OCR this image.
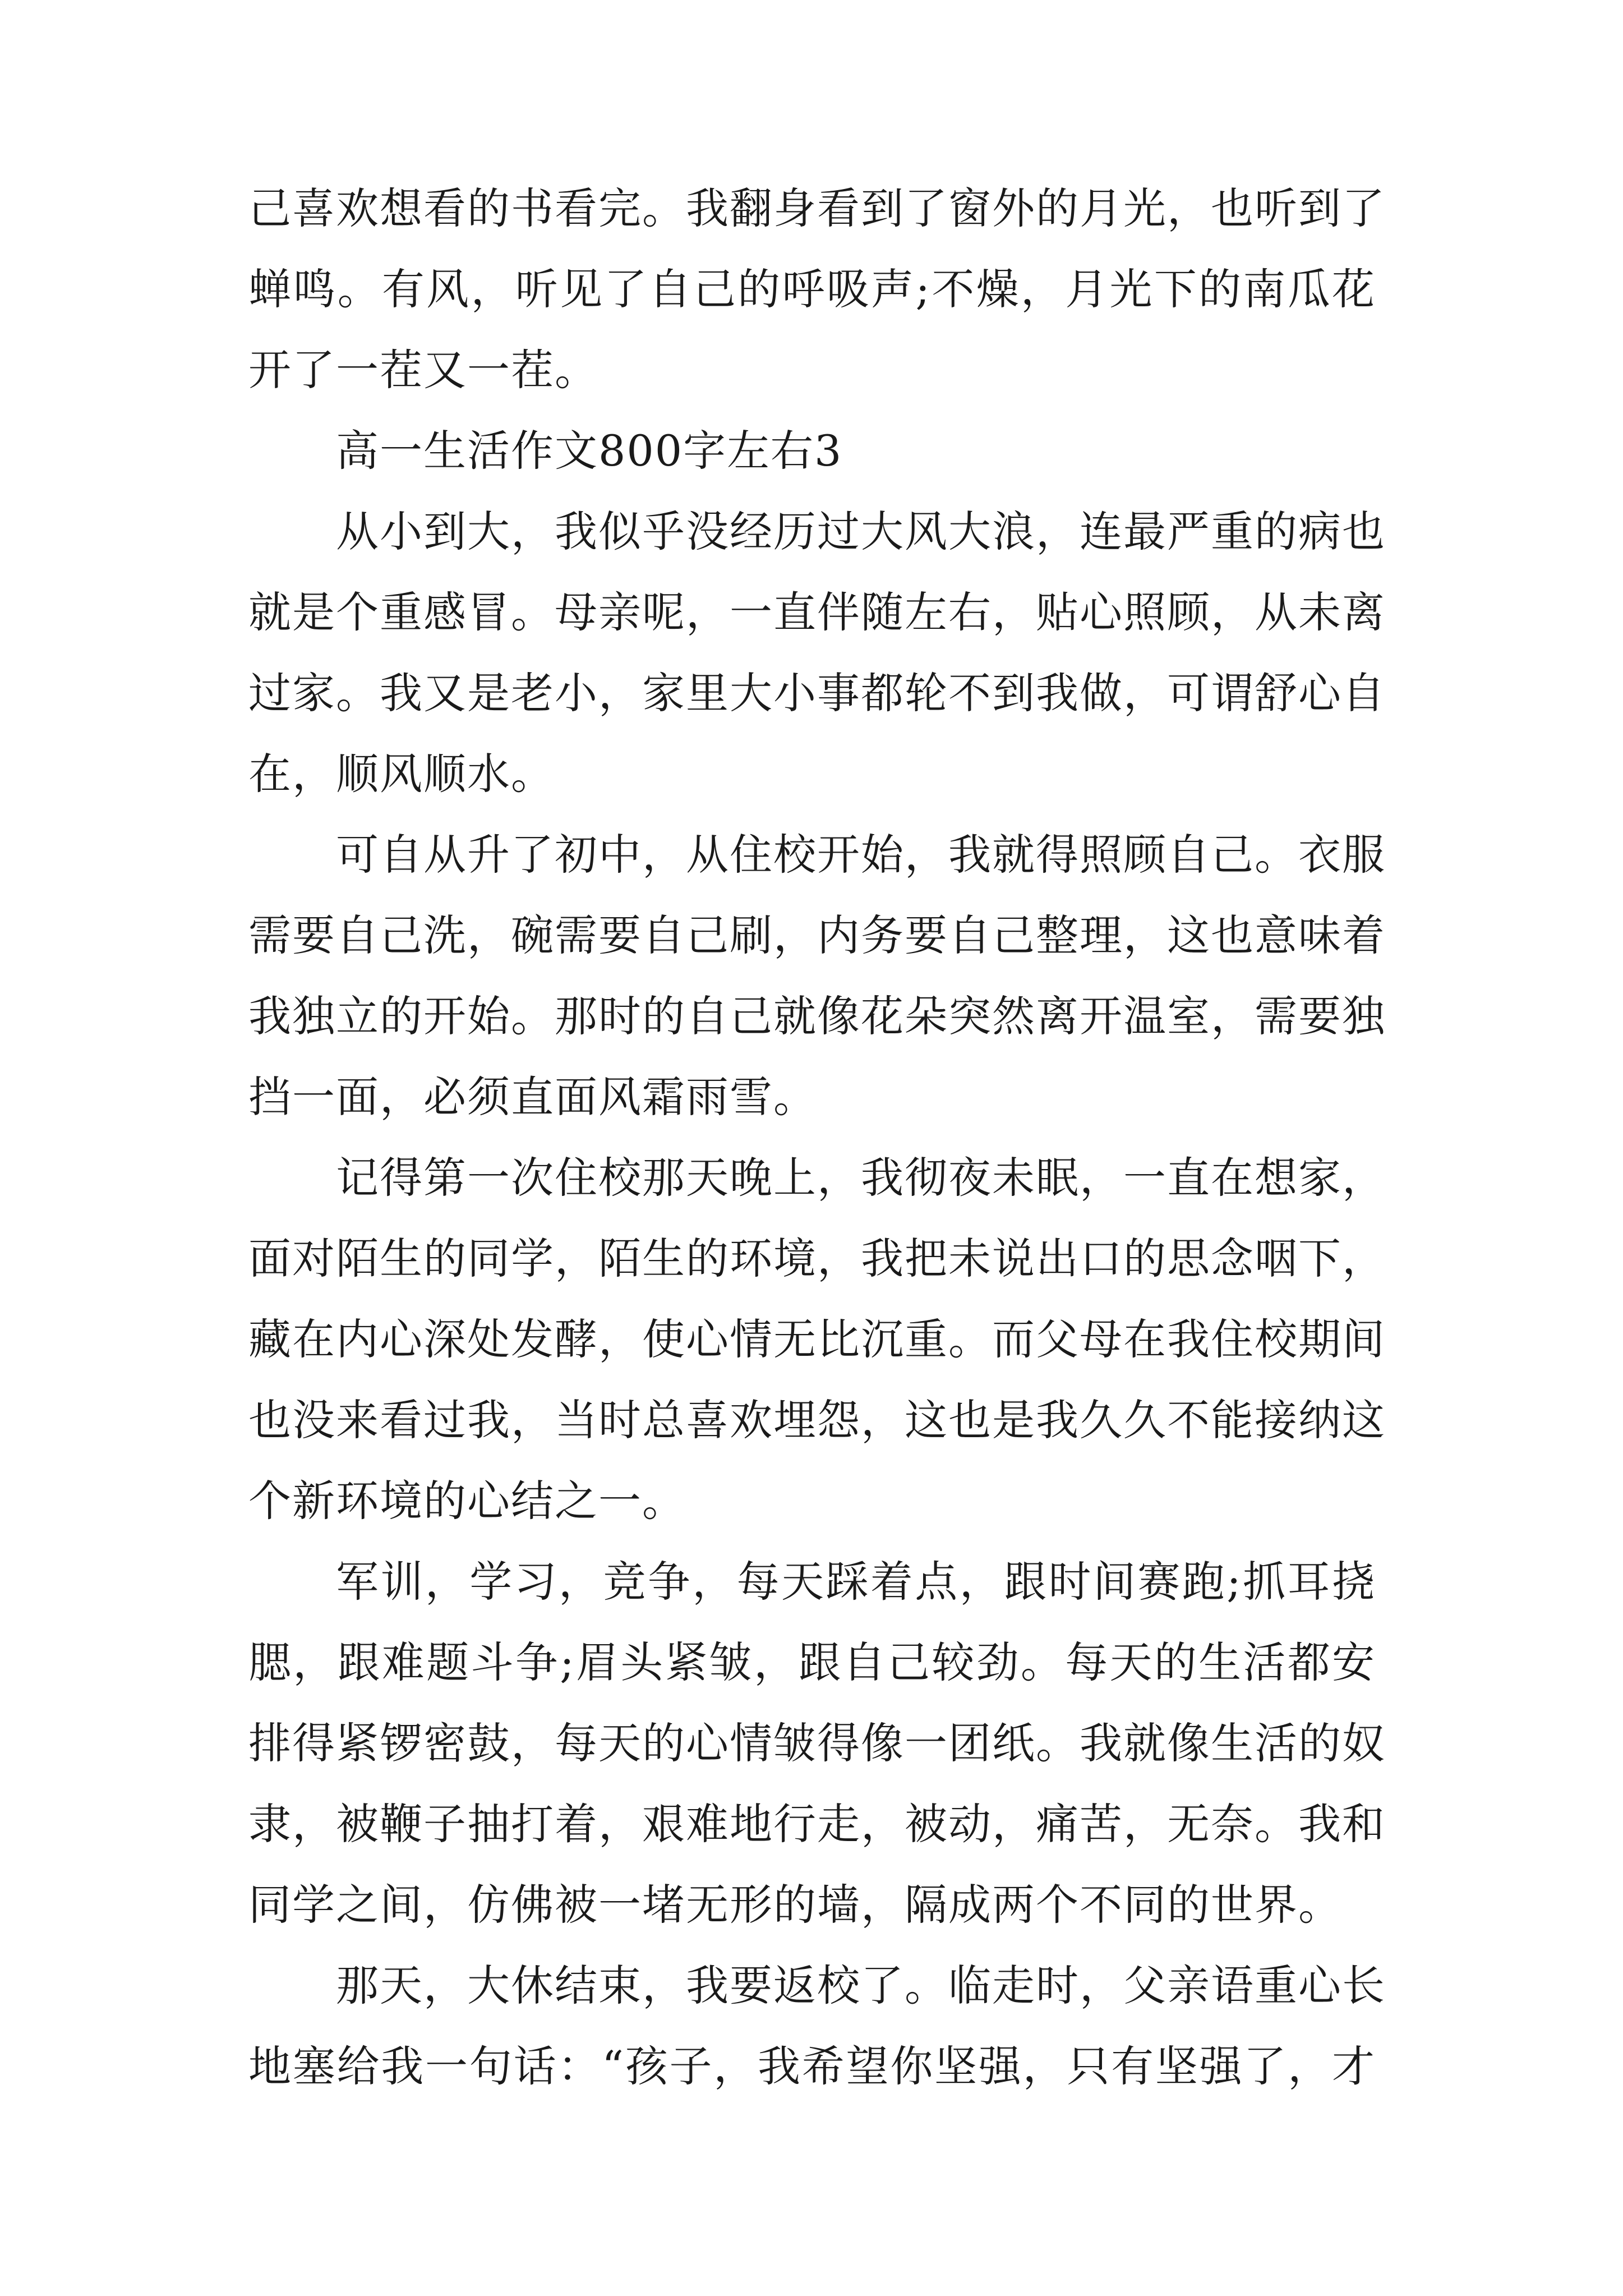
己喜欢想看的书看完。我翻身看到了窗外的月光，也听到了
蝉鸣。有风，听见了自己的呼吸声;不燥，月光下的南瓜花
开了一茬又一茬。
高一生活作文800字左右3
从小到大，我似乎没经历过大风大浪，连最严重的病也
就是个重感冒。母亲呢，一直伴随左右，贴心照顾，从未离
过家。我又是老小，家里大小事都轮不到我做，可谓舒心自
在，顺风顺水。
可自从升了初中，从住校开始，我就得照顾自己。衣服
需要自己洗，碗需要自己刷，内务要自己整理，这也意味着
我独立的开始。那时的自己就像花朵突然离开温室，需要独
挡一面，必须直面风霜雨雪。
记得第一次住校那天晚上，我彻夜未眠，一直在想家，
面对陌生的同学，陌生的环境，我把未说出口的思念咽下，
藏在内心深处发酵，使心情无比沉重。而父母在我住校期间
也没来看过我，当时总喜欢埋怨，这也是我久久不能接纳这
个新环境的心结之一。
军训，学习，竞争，每天踩着点，跟时间赛跑;抓耳挠
腮，跟难题斗争;眉头紧皱，跟自己较劲。每天的生活都安
排得紧锣密鼓，每天的心情皱得像一团纸。我就像生活的奴
隶，被鞭子抽打着，艰难地行走，被动，痛苦，无奈。我和
同学之间，仿佛被一堵无形的墙，隔成两个不同的世界。
那天，大休结束，我要返校了。临走时，父亲语重心长
地塞给我一句话：“孩子，我希望你坚强，只有坚强了，才
